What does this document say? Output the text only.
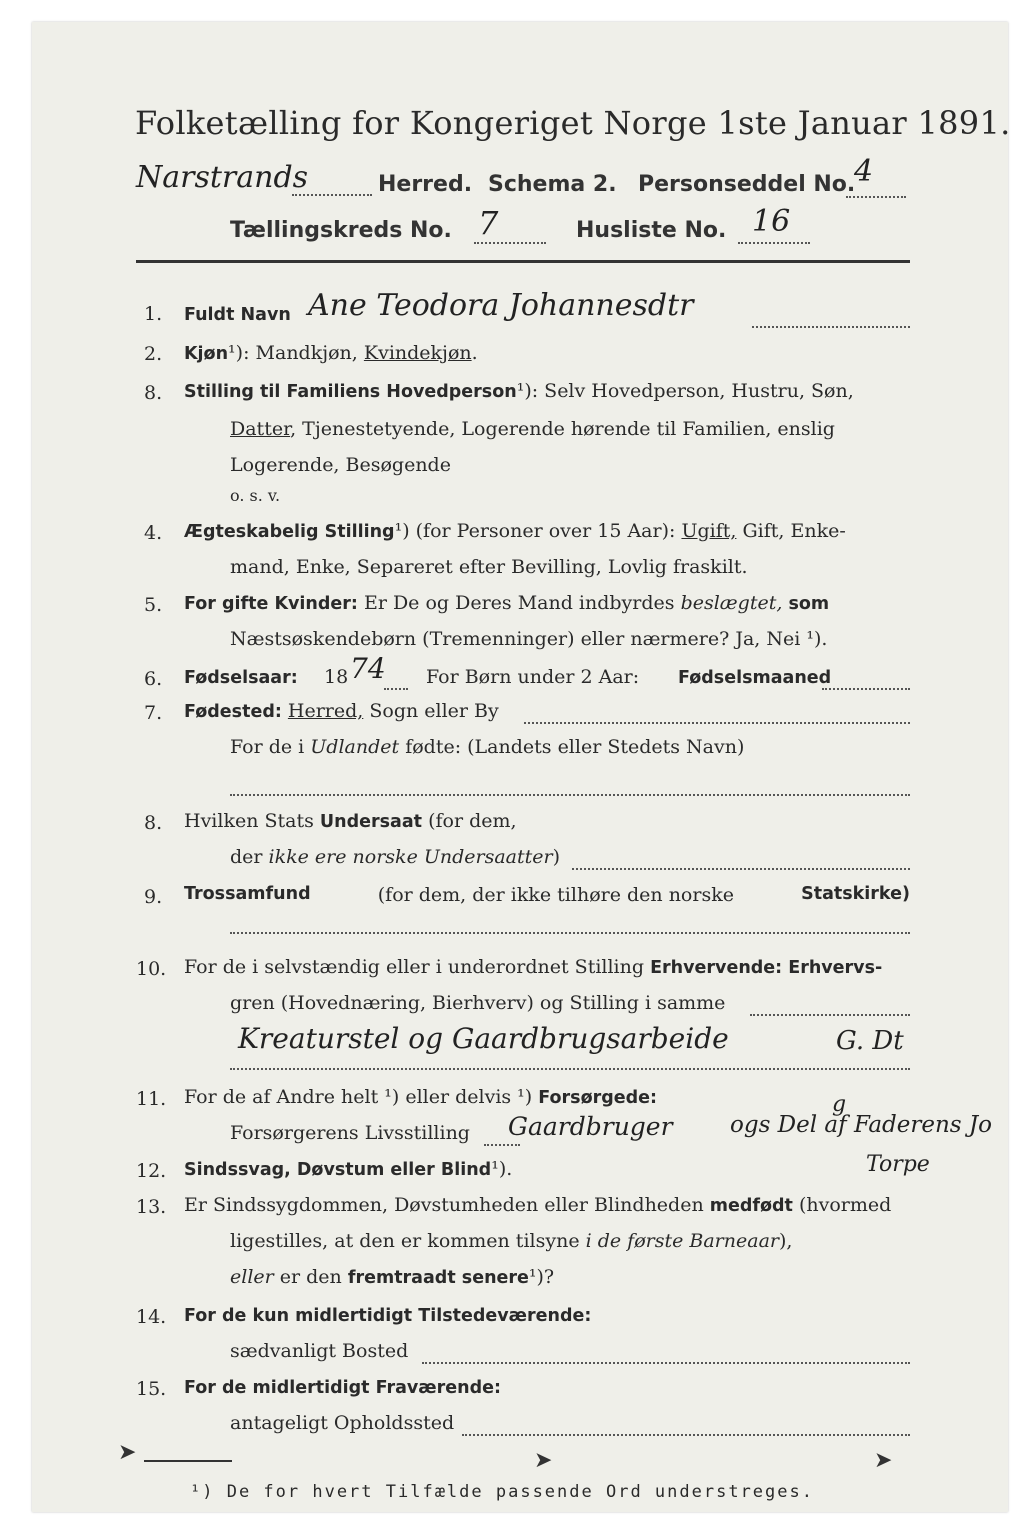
Folketælling for Kongeriget Norge 1ste Januar 1891.
Narstrands	Herred. Schema 2. Personseddel No.
4
Tællingskreds No. 7	Husliste No. 16
1. Fuldt Navn Ane Teodora Johannesdtr
2. Kjøn¹): Mandkjøn, Kvindekjøn.
8. Stilling til Familiens Hovedperson¹): Selv Hovedperson, Hustru, Søn,
Datter, Tjenestetyende, Logerende hørende til Familien, enslig
Logerende, Besøgende
o. s. v.
4. Ægteskabelig Stilling¹) (for Personer over 15 Aar): Ugift, Gift, Enke-
mand, Enke, Separeret efter Bevilling, Lovlig fraskilt.
5. For gifte Kvinder: Er De og Deres Mand indbyrdes beslægtet, som
Næstsøskendebørn (Tremenninger) eller nærmere? Ja, Nei ¹).
6. Fødselsaar: 18 74 For Børn under 2 Aar: Fødselsmaaned
7. Fødested: Herred, Sogn eller By
For de i Udlandet fødte: (Landets eller Stedets Navn)
8. Hvilken Stats Undersaat (for dem,
der ikke ere norske Undersaatter)
9. Trossamfund	(for dem, der ikke tilhøre den norske	Statskirke)
10. For de i selvstændig eller i underordnet Stilling Erhvervende: Erhvervs-
gren (Hovednæring, Bierhverv) og Stilling i samme
Kreaturstel og Gaardbrugsarbeide	G. Dt
11. For de af Andre helt ¹) eller delvis ¹) Forsørgede:	g
Forsørgerens Livsstilling Gaardbruger ogs Del af Faderens Jo
Torpe
12. Sindssvag, Døvstum eller Blind¹).
13. Er Sindssygdommen, Døvstumheden eller Blindheden medfødt (hvormed
ligestilles, at den er kommen tilsyne i de første Barneaar),
eller er den fremtraadt senere¹)?
14. For de kun midlertidigt Tilstedeværende:
sædvanligt Bosted
15. For de midlertidigt Fraværende:
antageligt Opholdssted
¹) De for hvert Tilfælde passende Ord understreges.
➤	➤	➤
